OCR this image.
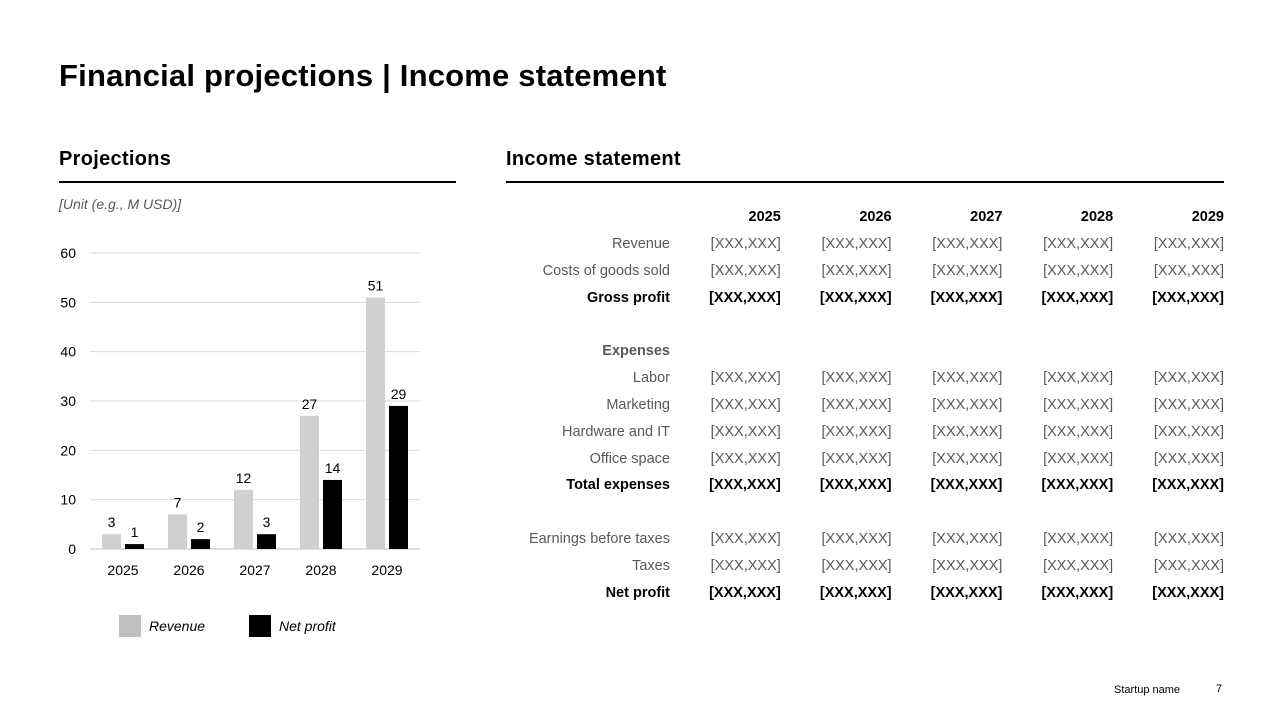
Financial projections | Income statement
Projections
[Unit (e.g., M USD)]
0
10
20
30
40
50
60
3
1
2025
7
2
2026
12
3
2027
27
14
2028
51
29
2029
Revenue	Net profit
Income statement
	2025	2026	2027	2028	2029
Revenue	[XXX,XXX]	[XXX,XXX]	[XXX,XXX]	[XXX,XXX]	[XXX,XXX]
Costs of goods sold	[XXX,XXX]	[XXX,XXX]	[XXX,XXX]	[XXX,XXX]	[XXX,XXX]
Gross profit	[XXX,XXX]	[XXX,XXX]	[XXX,XXX]	[XXX,XXX]	[XXX,XXX]

Expenses					
Labor	[XXX,XXX]	[XXX,XXX]	[XXX,XXX]	[XXX,XXX]	[XXX,XXX]
Marketing	[XXX,XXX]	[XXX,XXX]	[XXX,XXX]	[XXX,XXX]	[XXX,XXX]
Hardware and IT	[XXX,XXX]	[XXX,XXX]	[XXX,XXX]	[XXX,XXX]	[XXX,XXX]
Office space	[XXX,XXX]	[XXX,XXX]	[XXX,XXX]	[XXX,XXX]	[XXX,XXX]
Total expenses	[XXX,XXX]	[XXX,XXX]	[XXX,XXX]	[XXX,XXX]	[XXX,XXX]

Earnings before taxes	[XXX,XXX]	[XXX,XXX]	[XXX,XXX]	[XXX,XXX]	[XXX,XXX]
Taxes	[XXX,XXX]	[XXX,XXX]	[XXX,XXX]	[XXX,XXX]	[XXX,XXX]
Net profit	[XXX,XXX]	[XXX,XXX]	[XXX,XXX]	[XXX,XXX]	[XXX,XXX]
Startup name	7
